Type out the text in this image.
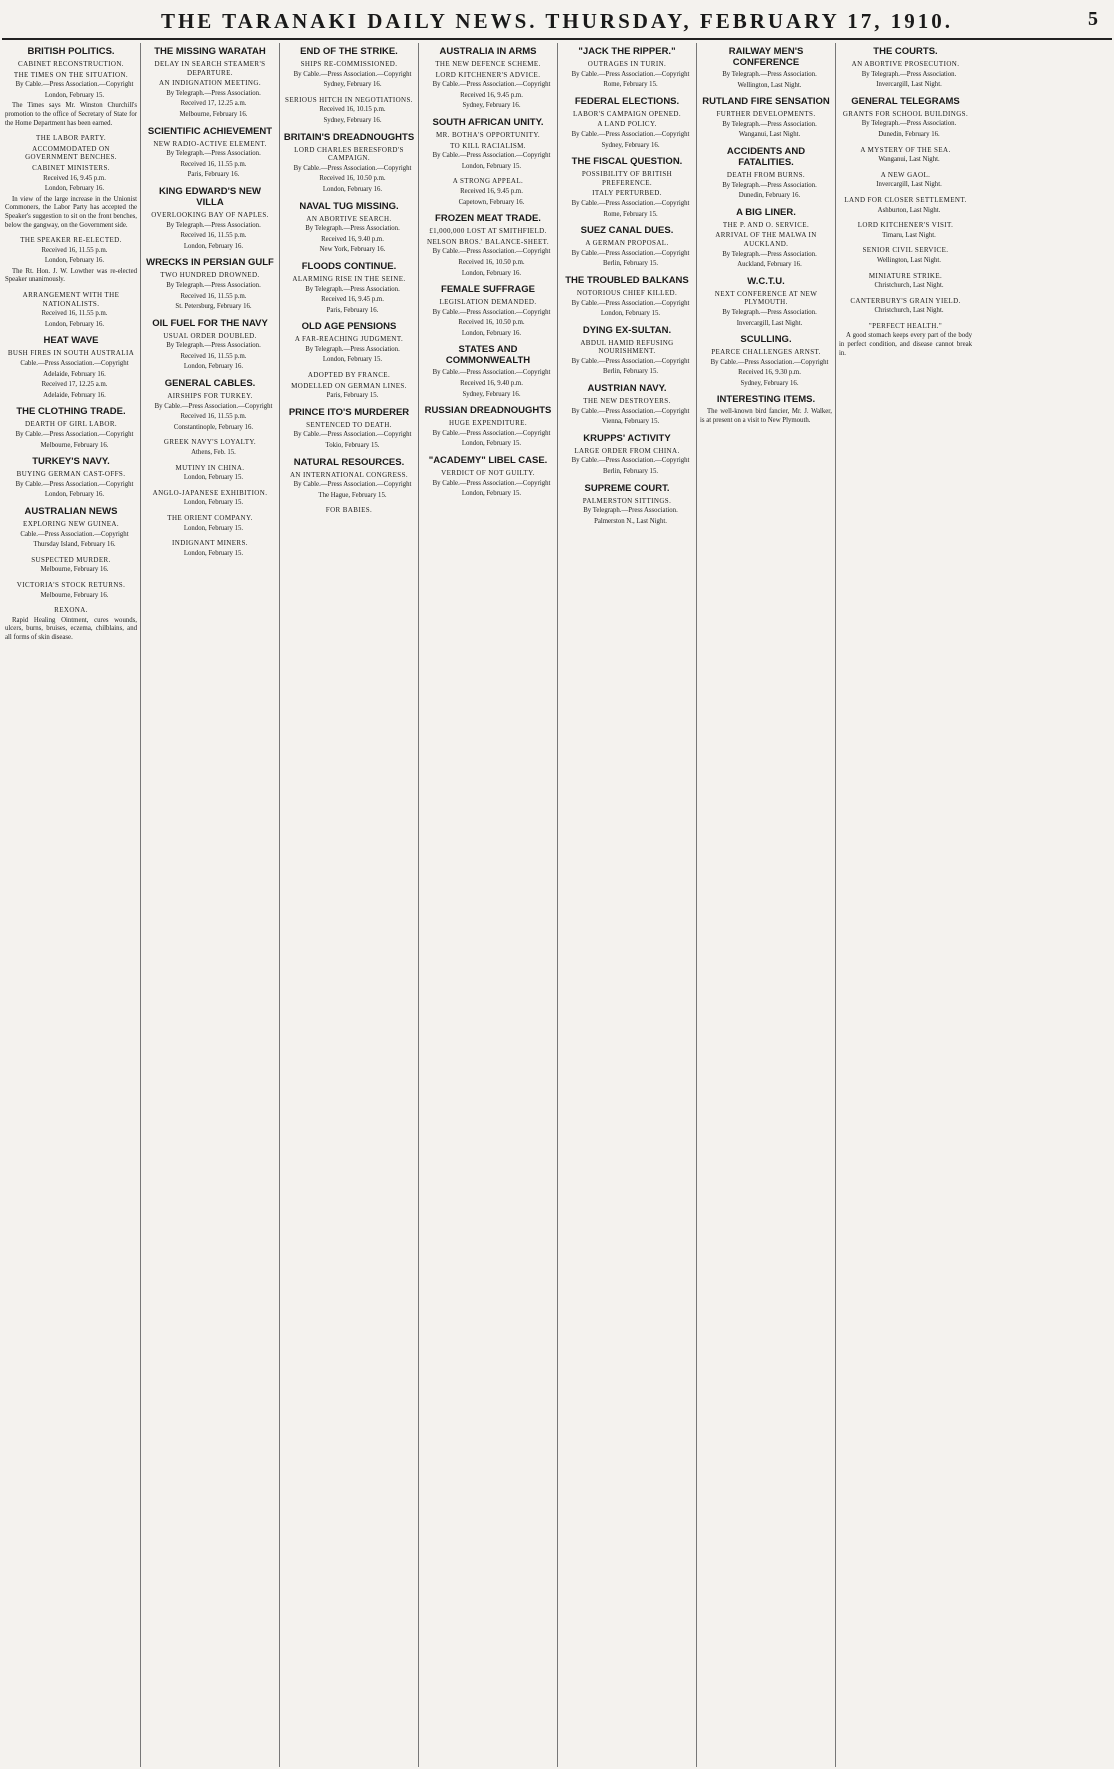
THE TARANAKI DAILY NEWS. THURSDAY, FEBRUARY 17, 1910.	5
BRITISH POLITICS.
CABINET RECONSTRUCTION.
THE TIMES ON THE SITUATION.

By Cable.—Press Association.—Copyright

London, February 15.

The Times says Mr. Winston Churchill's promotion to the office of Secretary of State for the Home Department has been earned.

THE LABOR PARTY.
ACCOMMODATED ON GOVERNMENT BENCHES.
CABINET MINISTERS.

Received 16, 9.45 p.m.

London, February 16.

In view of the large increase in the Unionist Commoners, the Labor Party has accepted the Speaker's suggestion to sit on the front benches, below the gangway, on the Government side.

THE SPEAKER RE-ELECTED.

Received 16, 11.55 p.m.

London, February 16.

The Rt. Hon. J. W. Lowther was re-elected Speaker unanimously.

ARRANGEMENT WITH THE NATIONALISTS.

Received 16, 11.55 p.m.

London, February 16.

HEAT WAVE
BUSH FIRES IN SOUTH AUSTRALIA

Cable.—Press Association.—Copyright

Adelaide, February 16.

Received 17, 12.25 a.m.

Adelaide, February 16.

THE CLOTHING TRADE.
DEARTH OF GIRL LABOR.

By Cable.—Press Association.—Copyright

Melbourne, February 16.

TURKEY'S NAVY.
BUYING GERMAN CAST-OFFS.

By Cable.—Press Association.—Copyright

London, February 16.

AUSTRALIAN NEWS
EXPLORING NEW GUINEA.

Cable.—Press Association.—Copyright

Thursday Island, February 16.

SUSPECTED MURDER.

Melbourne, February 16.

VICTORIA'S STOCK RETURNS.

Melbourne, February 16.

REXONA.

Rapid Healing Ointment, cures wounds, ulcers, burns, bruises, eczema, chilblains, and all forms of skin disease.

THE MISSING WARATAH
DELAY IN SEARCH STEAMER'S DEPARTURE.
AN INDIGNATION MEETING.

By Telegraph.—Press Association.

Received 17, 12.25 a.m.

Melbourne, February 16.

SCIENTIFIC ACHIEVEMENT
NEW RADIO-ACTIVE ELEMENT.

By Telegraph.—Press Association.

Received 16, 11.55 p.m.

Paris, February 16.

KING EDWARD'S NEW VILLA
OVERLOOKING BAY OF NAPLES.

By Telegraph.—Press Association.

Received 16, 11.55 p.m.

London, February 16.

WRECKS IN PERSIAN GULF
TWO HUNDRED DROWNED.

By Telegraph.—Press Association.

Received 16, 11.55 p.m.

St. Petersburg, February 16.

OIL FUEL FOR THE NAVY
USUAL ORDER DOUBLED.

By Telegraph.—Press Association.

Received 16, 11.55 p.m.

London, February 16.

GENERAL CABLES.
AIRSHIPS FOR TURKEY.

By Cable.—Press Association.—Copyright

Received 16, 11.55 p.m.

Constantinople, February 16.

GREEK NAVY'S LOYALTY.

Athens, Feb. 15.

MUTINY IN CHINA.

London, February 15.

ANGLO-JAPANESE EXHIBITION.

London, February 15.

THE ORIENT COMPANY.

London, February 15.

INDIGNANT MINERS.

London, February 15.

END OF THE STRIKE.
SHIPS RE-COMMISSIONED.

By Cable.—Press Association.—Copyright

Sydney, February 16.

SERIOUS HITCH IN NEGOTIATIONS.

Received 16, 10.15 p.m.

Sydney, February 16.

BRITAIN'S DREADNOUGHTS
LORD CHARLES BERESFORD'S CAMPAIGN.

By Cable.—Press Association.—Copyright

Received 16, 10.50 p.m.

London, February 16.

NAVAL TUG MISSING.
AN ABORTIVE SEARCH.

By Telegraph.—Press Association.

Received 16, 9.40 p.m.

New York, February 16.

FLOODS CONTINUE.
ALARMING RISE IN THE SEINE.

By Telegraph.—Press Association.

Received 16, 9.45 p.m.

Paris, February 16.

OLD AGE PENSIONS
A FAR-REACHING JUDGMENT.

By Telegraph.—Press Association.

London, February 15.

ADOPTED BY FRANCE.
MODELLED ON GERMAN LINES.

Paris, February 15.

PRINCE ITO'S MURDERER
SENTENCED TO DEATH.

By Cable.—Press Association.—Copyright

Tokio, February 15.

NATURAL RESOURCES.
AN INTERNATIONAL CONGRESS.

By Cable.—Press Association.—Copyright

The Hague, February 15.

FOR BABIES.
AUSTRALIA IN ARMS
THE NEW DEFENCE SCHEME.
LORD KITCHENER'S ADVICE.

By Cable.—Press Association.—Copyright

Received 16, 9.45 p.m.

Sydney, February 16.

SOUTH AFRICAN UNITY.
MR. BOTHA'S OPPORTUNITY.
TO KILL RACIALISM.

By Cable.—Press Association.—Copyright

London, February 15.

A STRONG APPEAL.

Received 16, 9.45 p.m.

Capetown, February 16.

FROZEN MEAT TRADE.
£1,000,000 LOST AT SMITHFIELD.
NELSON BROS.' BALANCE-SHEET.

By Cable.—Press Association.—Copyright

Received 16, 10.50 p.m.

London, February 16.

FEMALE SUFFRAGE
LEGISLATION DEMANDED.

By Cable.—Press Association.—Copyright

Received 16, 10.50 p.m.

London, February 16.

STATES AND COMMONWEALTH

By Cable.—Press Association.—Copyright

Received 16, 9.40 p.m.

Sydney, February 16.

RUSSIAN DREADNOUGHTS
HUGE EXPENDITURE.

By Cable.—Press Association.—Copyright

London, February 15.

"ACADEMY" LIBEL CASE.
VERDICT OF NOT GUILTY.

By Cable.—Press Association.—Copyright

London, February 15.

"JACK THE RIPPER."
OUTRAGES IN TURIN.

By Cable.—Press Association.—Copyright

Rome, February 15.

FEDERAL ELECTIONS.
LABOR'S CAMPAIGN OPENED.
A LAND POLICY.

By Cable.—Press Association.—Copyright

Sydney, February 16.

THE FISCAL QUESTION.
POSSIBILITY OF BRITISH PREFERENCE.
ITALY PERTURBED.

By Cable.—Press Association.—Copyright

Rome, February 15.

SUEZ CANAL DUES.
A GERMAN PROPOSAL.

By Cable.—Press Association.—Copyright

Berlin, February 15.

THE TROUBLED BALKANS
NOTORIOUS CHIEF KILLED.

By Cable.—Press Association.—Copyright

London, February 15.

DYING EX-SULTAN.
ABDUL HAMID REFUSING NOURISHMENT.

By Cable.—Press Association.—Copyright

Berlin, February 15.

AUSTRIAN NAVY.
THE NEW DESTROYERS.

By Cable.—Press Association.—Copyright

Vienna, February 15.

KRUPPS' ACTIVITY
LARGE ORDER FROM CHINA.

By Cable.—Press Association.—Copyright

Berlin, February 15.

SUPREME COURT.
PALMERSTON SITTINGS.

By Telegraph.—Press Association.

Palmerston N., Last Night.

RAILWAY MEN'S CONFERENCE

By Telegraph.—Press Association.

Wellington, Last Night.

RUTLAND FIRE SENSATION
FURTHER DEVELOPMENTS.

By Telegraph.—Press Association.

Wanganui, Last Night.

ACCIDENTS AND FATALITIES.
DEATH FROM BURNS.

By Telegraph.—Press Association.

Dunedin, February 16.

A BIG LINER.
THE P. AND O. SERVICE.
ARRIVAL OF THE MALWA IN AUCKLAND.

By Telegraph.—Press Association.

Auckland, February 16.

W.C.T.U.
NEXT CONFERENCE AT NEW PLYMOUTH.

By Telegraph.—Press Association.

Invercargill, Last Night.

SCULLING.
PEARCE CHALLENGES ARNST.

By Cable.—Press Association.—Copyright

Received 16, 9.30 p.m.

Sydney, February 16.

INTERESTING ITEMS.

The well-known bird fancier, Mr. J. Walker, is at present on a visit to New Plymouth.

THE COURTS.
AN ABORTIVE PROSECUTION.

By Telegraph.—Press Association.

Invercargill, Last Night.

GENERAL TELEGRAMS
GRANTS FOR SCHOOL BUILDINGS.

By Telegraph.—Press Association.

Dunedin, February 16.

A MYSTERY OF THE SEA.

Wanganui, Last Night.

A NEW GAOL.

Invercargill, Last Night.

LAND FOR CLOSER SETTLEMENT.

Ashburton, Last Night.

LORD KITCHENER'S VISIT.

Timaru, Last Night.

SENIOR CIVIL SERVICE.

Wellington, Last Night.

MINIATURE STRIKE.

Christchurch, Last Night.

CANTERBURY'S GRAIN YIELD.

Christchurch, Last Night.

"PERFECT HEALTH."

A good stomach keeps every part of the body in perfect condition, and disease cannot break in.
